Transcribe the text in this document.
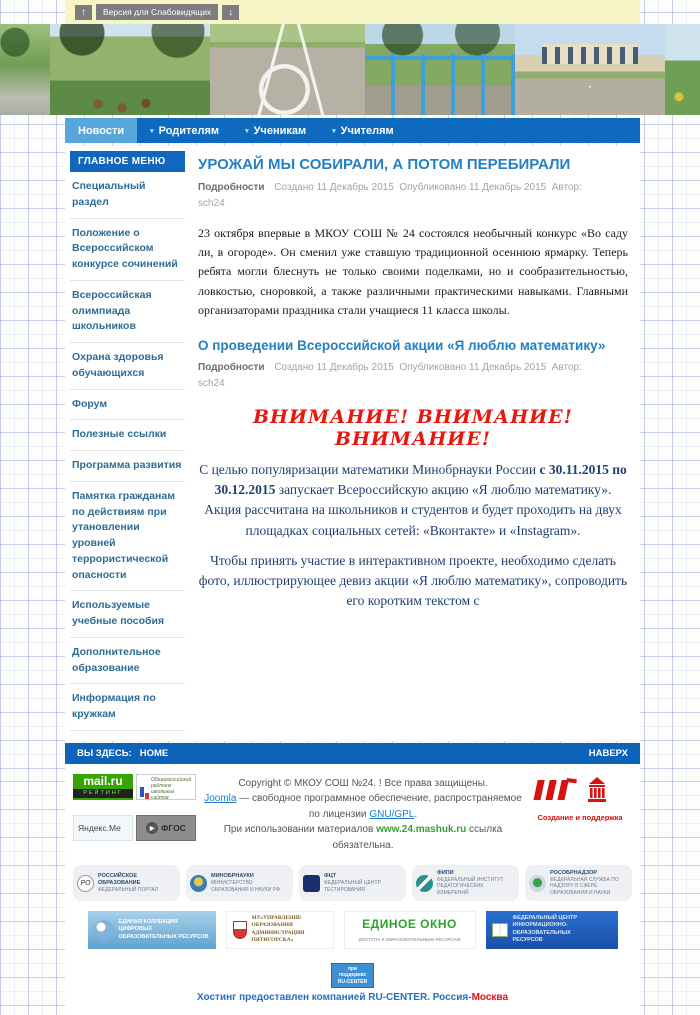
↑	Версия для Слабовидящих	↓
Новости	▾ Родителям	▾ Ученикам	▾ Учителям
ГЛАВНОЕ МЕНЮ
Специальный раздел
Положение о Всероссийском конкурсе сочинений
Всероссийская олимпиада школьников
Охрана здоровья обучающихся
Форум
Полезные ссылки
Программа развития
Памятка гражданам по действиям при утановлении уровней террористической опасности
Используемые учебные пособия
Дополнительное образование
Информация по кружкам
УРОЖАЙ МЫ СОБИРАЛИ, А ПОТОМ ПЕРЕБИРАЛИ
Подробности Создано 11 Декабрь 2015 Опубликовано 11 Декабрь 2015 Автор:
sch24

23 октября впервые в МКОУ СОШ № 24 состоялся необычный конкурс «Во саду ли, в огороде». Он сменил уже ставшую традиционной осеннюю ярмарку. Теперь ребята могли блеснуть не только своими поделками, но и сообразительностью, ловкостью, сноровкой, а также различными практическими навыками. Главными организаторами праздника стали учащиеся 11 класса школы.

О проведении Всероссийской акции «Я люблю математику»
Подробности Создано 11 Декабрь 2015 Опубликовано 11 Декабрь 2015 Автор:
sch24
ВНИМАНИЕ! ВНИМАНИЕ! ВНИМАНИЕ!

С целью популяризации математики Минобрнауки России с 30.11.2015 по 30.12.2015 запускает Всероссийскую акцию «Я люблю математику». Акция рассчитана на школьников и студентов и будет проходить на двух площадках социальных сетей: «Вконтакте» и «Instagram».

Чтобы принять участие в интерактивном проекте, необходимо сделать фото, иллюстрирующее девиз акции «Я люблю математику», сопроводить его коротким текстом с

ВЫ ЗДЕСЬ: HOME	НАВЕРХ
mail.ru
РЕЙТИНГ
Общероссийский рейтинг школьных сайтов
Яндекс.Ме	▶ ФГОС
Copyright © МКОУ СОШ №24. ! Все права защищены.
Joomla — свободное программное обеспечение, распространяемое по лицензии GNU/GPL.
При использовании материалов www.24.mashuk.ru ссылка обязательна.
Создание и поддержка
РО
РОССИЙСКОЕ ОБРАЗОВАНИЕ
ФЕДЕРАЛЬНЫЙ ПОРТАЛ
МИНОБРНАУКИ
МИНИСТЕРСТВО ОБРАЗОВАНИЯ И НАУКИ РФ
ФЦТ
ФЕДЕРАЛЬНЫЙ ЦЕНТР ТЕСТИРОВАНИЯ
ФИПИ
ФЕДЕРАЛЬНЫЙ ИНСТИТУТ ПЕДАГОГИЧЕСКИХ ИЗМЕРЕНИЙ
РОСОБРНАДЗОР
ФЕДЕРАЛЬНАЯ СЛУЖБА ПО НАДЗОРУ В СФЕРЕ ОБРАЗОВАНИЯ И НАУКИ
ЕДИНАЯ КОЛЛЕКЦИЯ
ЦИФРОВЫХ
ОБРАЗОВАТЕЛЬНЫХ РЕСУРСОВ
МУ«УПРАВЛЕНИЕ
ОБРАЗОВАНИЯ
АДМИНИСТРАЦИИ
ПЯТИГОРСКА»
ЕДИНОЕ ОКНО
ДОСТУПА К ОБРАЗОВАТЕЛЬНЫМ РЕСУРСАМ
ФЕДЕРАЛЬНЫЙ ЦЕНТР
ИНФОРМАЦИОННО-ОБРАЗОВАТЕЛЬНЫХ
РЕСУРСОВ
при
поддержке
RU-CENTER
Хостинг предоставлен компанией RU-CENTER. Россия-Москва
